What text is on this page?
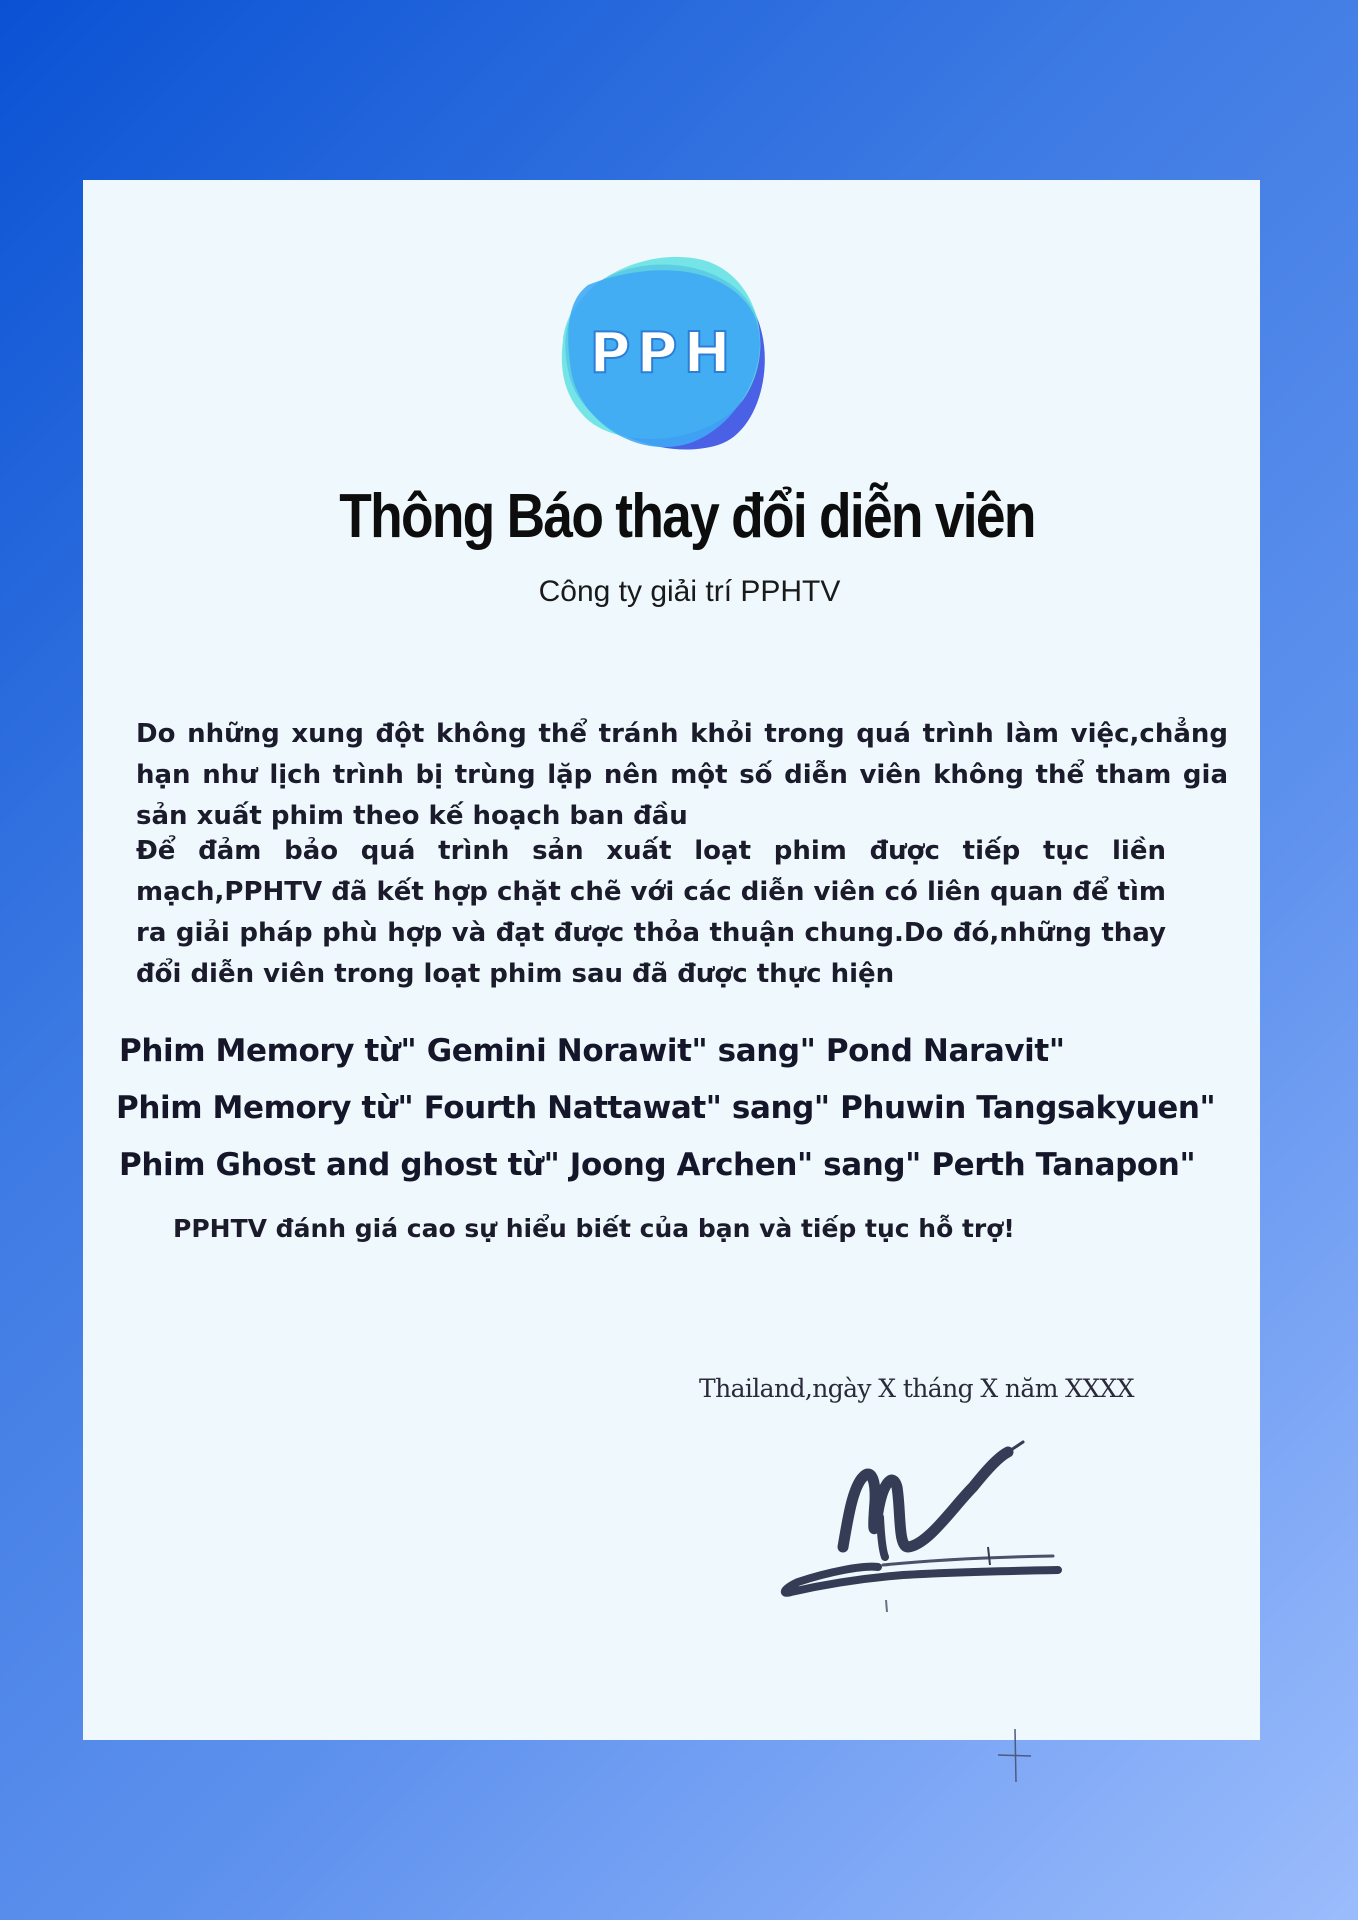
PPH
Thông Báo thay đổi diễn viên
Công ty giải trí PPHTV

Do những xung đột không thể tránh khỏi trong quá trình làm việc,chẳng hạn như lịch trình bị trùng lặp nên một số diễn viên không thể tham gia sản xuất phim theo kế hoạch ban đầu

Để đảm bảo quá trình sản xuất loạt phim được tiếp tục liền mạch,PPHTV đã kết hợp chặt chẽ với các diễn viên có liên quan để tìm ra giải pháp phù hợp và đạt được thỏa thuận chung.Do đó,những thay đổi diễn viên trong loạt phim sau đã được thực hiện

Phim Memory từ" Gemini Norawit" sang" Pond Naravit"
Phim Memory từ" Fourth Nattawat" sang" Phuwin Tangsakyuen"
Phim Ghost and ghost từ" Joong Archen" sang" Perth Tanapon"
PPHTV đánh giá cao sự hiểu biết của bạn và tiếp tục hỗ trợ!
Thailand,ngày X tháng X năm XXXX
